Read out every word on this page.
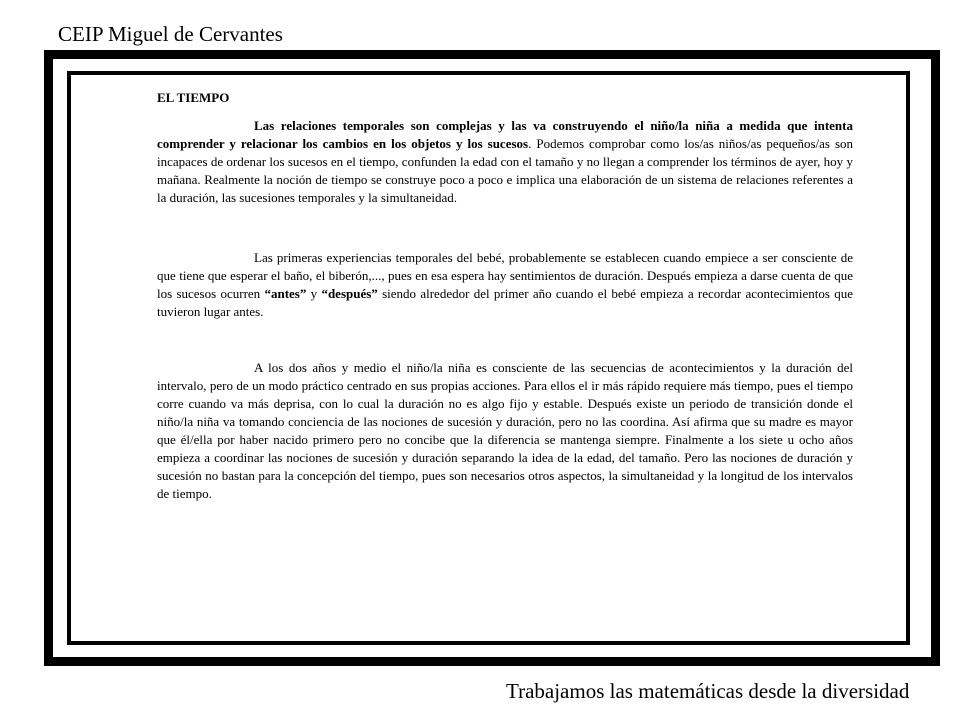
CEIP Miguel de Cervantes
EL TIEMPO

Las relaciones temporales son complejas y las va construyendo el niño/la niña a medida que intenta comprender y relacionar los cambios en los objetos y los sucesos. Podemos comprobar como los/as niños/as pequeños/as son incapaces de ordenar los sucesos en el tiempo, confunden la edad con el tamaño y no llegan a comprender los términos de ayer, hoy y mañana. Realmente la noción de tiempo se construye poco a poco e implica una elaboración de un sistema de relaciones referentes a la duración, las sucesiones temporales y la simultaneidad.

Las primeras experiencias temporales del bebé, probablemente se establecen cuando empiece a ser consciente de que tiene que esperar el baño, el biberón,..., pues en esa espera hay sentimientos de duración. Después empieza a darse cuenta de que los sucesos ocurren “antes” y “después” siendo alrededor del primer año cuando el bebé empieza a recordar acontecimientos que tuvieron lugar antes.

A los dos años y medio el niño/la niña es consciente de las secuencias de acontecimientos y la duración del intervalo, pero de un modo práctico centrado en sus propias acciones. Para ellos el ir más rápido requiere más tiempo, pues el tiempo corre cuando va más deprisa, con lo cual la duración no es algo fijo y estable. Después existe un periodo de transición donde el niño/la niña va tomando conciencia de las nociones de sucesión y duración, pero no las coordina. Así afirma que su madre es mayor que él/ella por haber nacido primero pero no concibe que la diferencia se mantenga siempre. Finalmente a los siete u ocho años empieza a coordinar las nociones de sucesión y duración separando la idea de la edad, del tamaño. Pero las nociones de duración y sucesión no bastan para la concepción del tiempo, pues son necesarios otros aspectos, la simultaneidad y la longitud de los intervalos de tiempo.

Trabajamos las matemáticas desde la diversidad
